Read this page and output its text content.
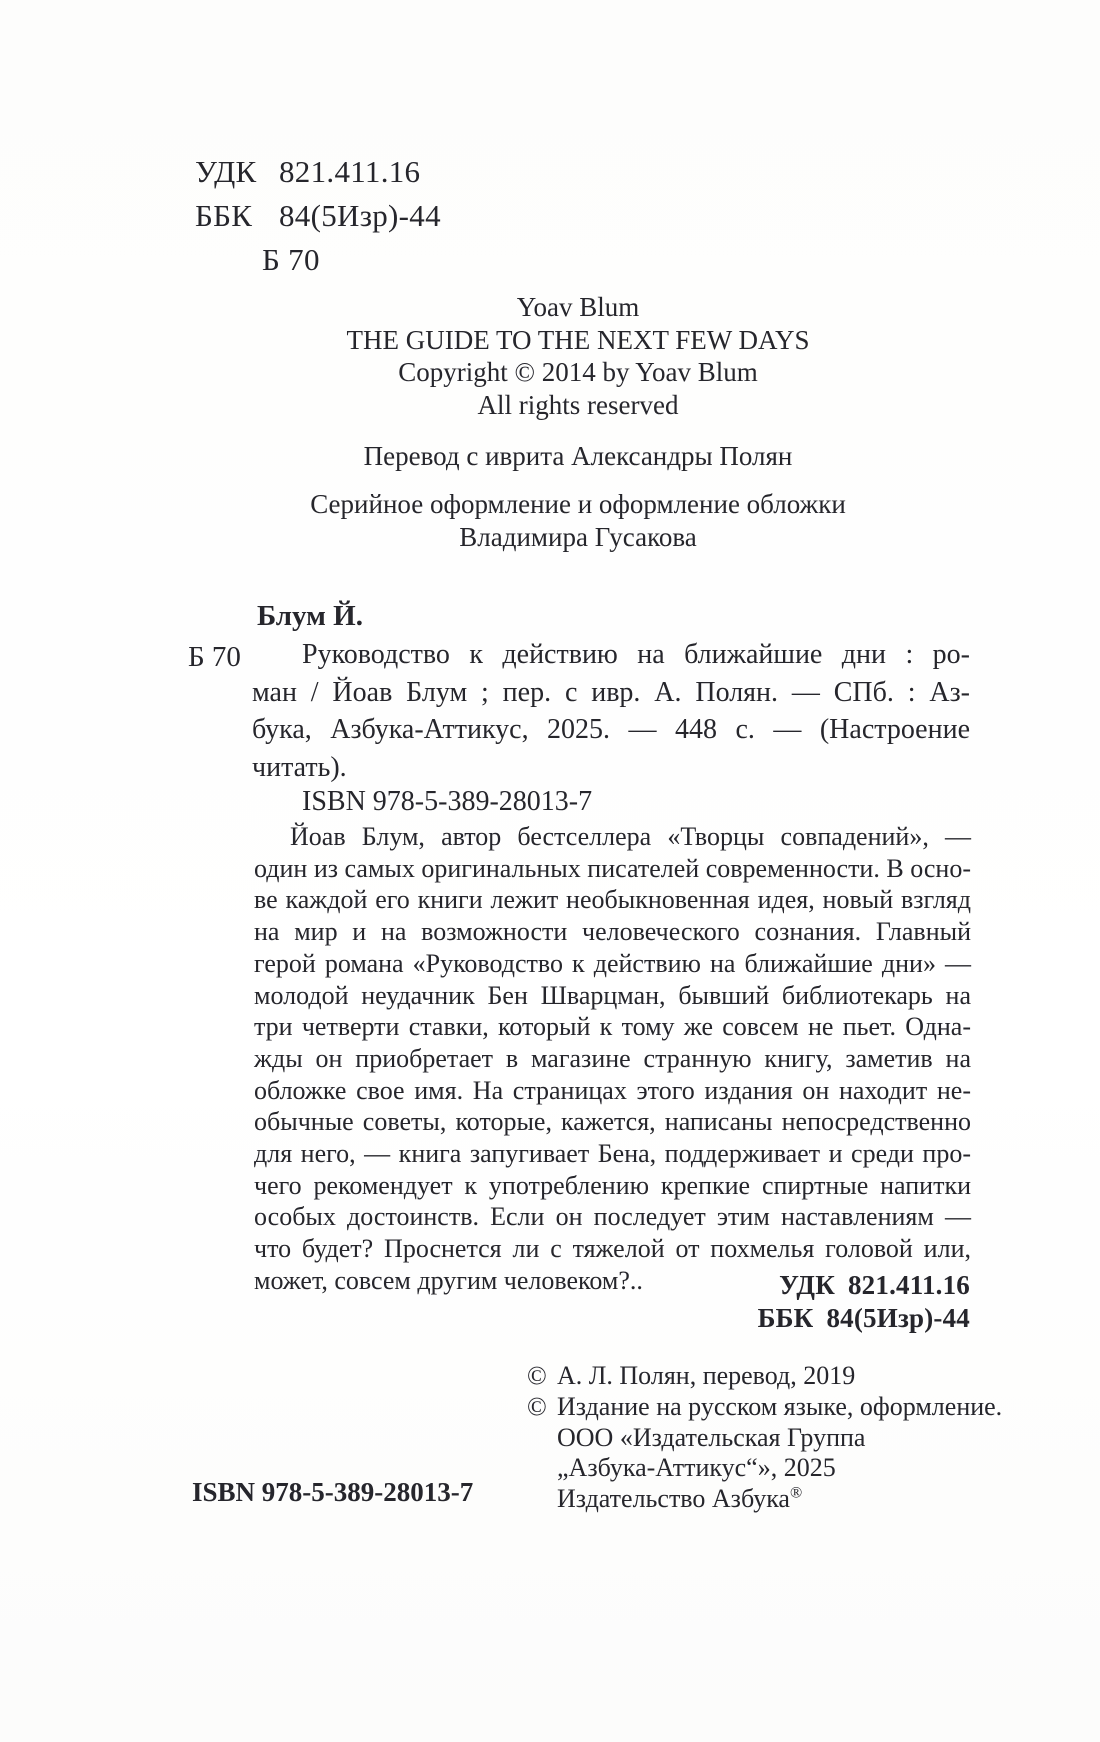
УДК 821.411.16
ББК 84(5Изр)-44
Б 70
Yoav Blum
THE GUIDE TO THE NEXT FEW DAYS
Copyright © 2014 by Yoav Blum
All rights reserved
Перевод с иврита Александры Полян
Серийное оформление и оформление обложки
Владимира Гусакова
Блум Й.
Б 70	Руководство к действию на ближайшие дни : ро-
ман / Йоав Блум ; пер. с ивр. А. Полян. — СПб. : Аз-
бука, Азбука-Аттикус, 2025. — 448 с. — (Настроение
читать).
ISBN 978-5-389-28013-7
Йоав Блум, автор бестселлера «Творцы совпадений», —
один из самых оригинальных писателей современности. В осно-
ве каждой его книги лежит необыкновенная идея, новый взгляд
на мир и на возможности человеческого сознания. Главный
герой романа «Руководство к действию на ближайшие дни» —
молодой неудачник Бен Шварцман, бывший библиотекарь на
три четверти ставки, который к тому же совсем не пьет. Одна-
жды он приобретает в магазине странную книгу, заметив на
обложке свое имя. На страницах этого издания он находит не-
обычные советы, которые, кажется, написаны непосредственно
для него, — книга запугивает Бена, поддерживает и среди про-
чего рекомендует к употреблению крепкие спиртные напитки
особых достоинств. Если он последует этим наставлениям —
что будет? Проснется ли с тяжелой от похмелья головой или,
может, совсем другим человеком?..	УДК 821.411.16
ББК 84(5Изр)-44
© А. Л. Полян, перевод, 2019
© Издание на русском языке, оформление.
ООО «Издательская Группа
„Азбука-Аттикус“», 2025
Издательство Азбука®
ISBN 978-5-389-28013-7
